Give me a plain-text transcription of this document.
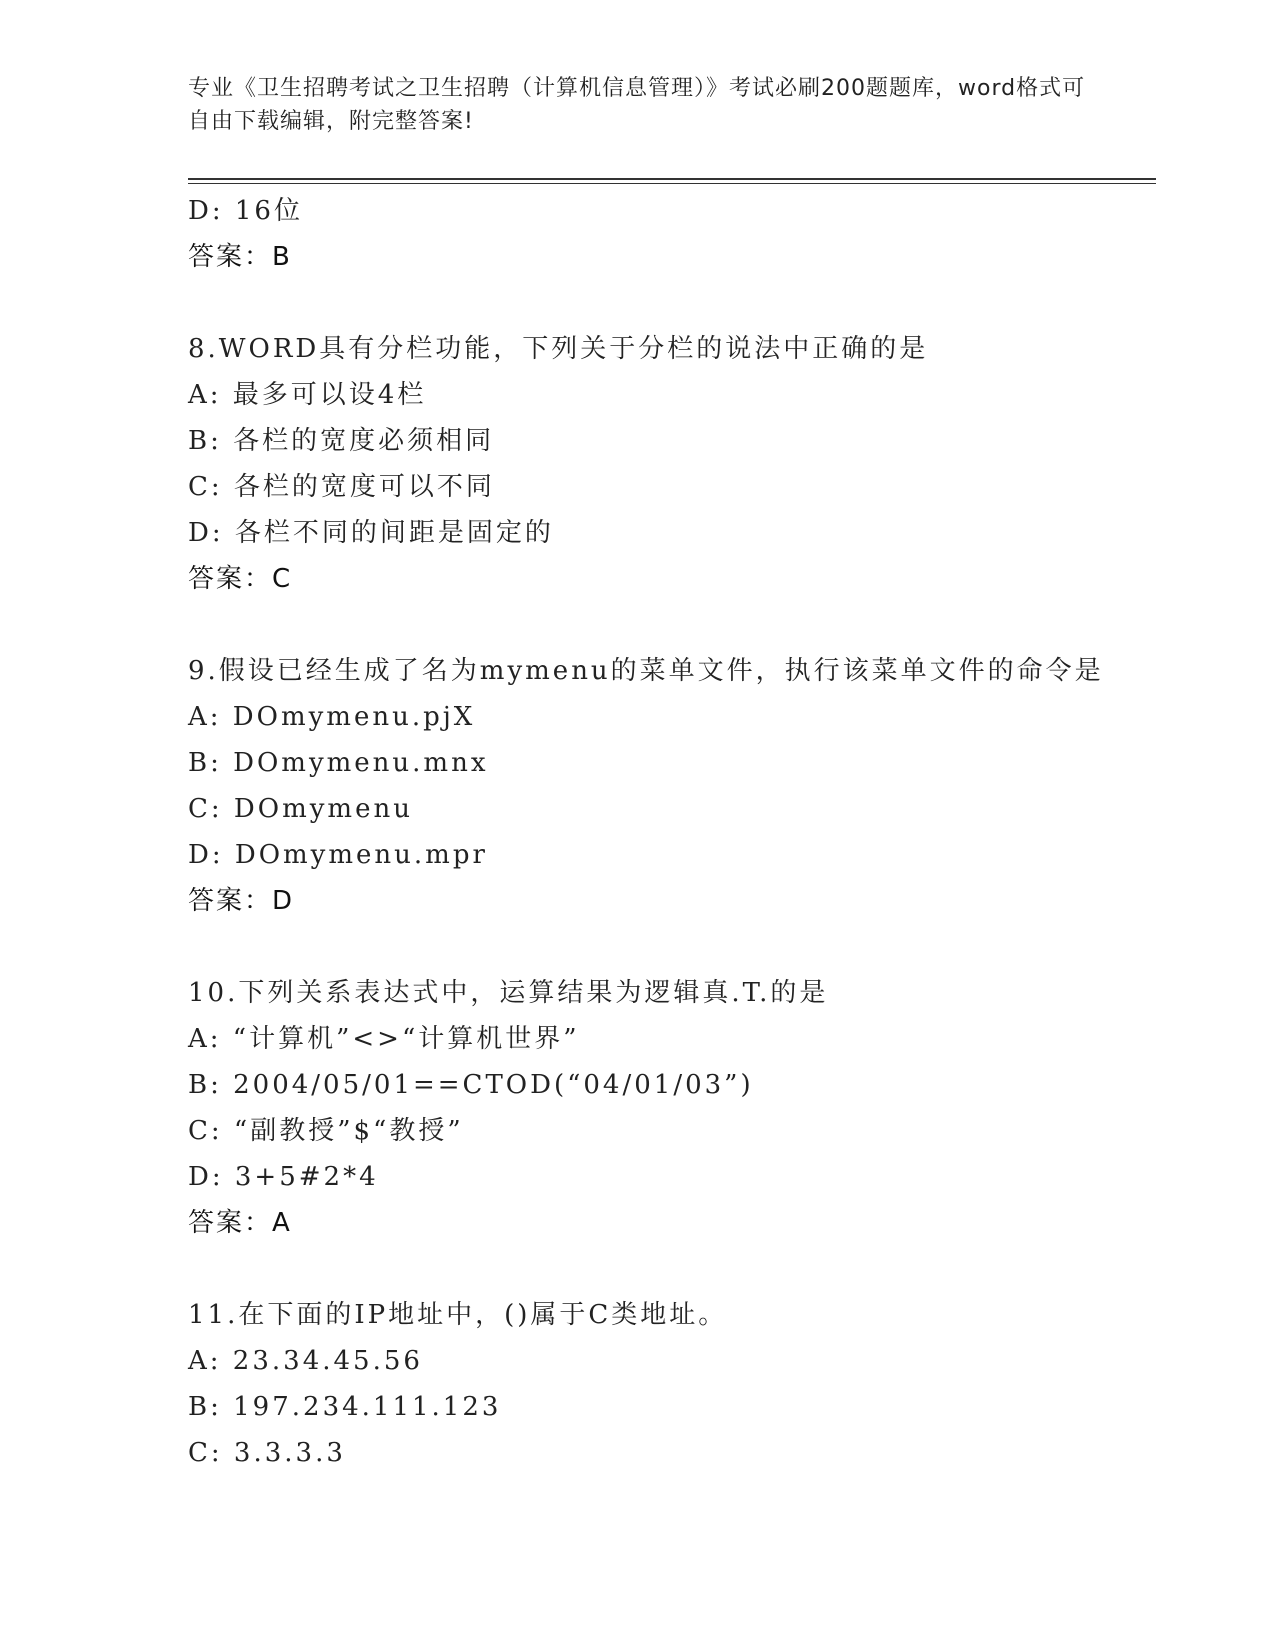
专业《卫生招聘考试之卫生招聘（计算机信息管理）》考试必刷200题题库，word格式可自由下载编辑，附完整答案!
D: 16位
答案：B
8.WORD具有分栏功能，下列关于分栏的说法中正确的是
A: 最多可以设4栏
B: 各栏的宽度必须相同
C: 各栏的宽度可以不同
D: 各栏不同的间距是固定的
答案：C
9.假设已经生成了名为mymenu的菜单文件，执行该菜单文件的命令是
A: DOmymenu.pjX
B: DOmymenu.mnx
C: DOmymenu
D: DOmymenu.mpr
答案：D
10.下列关系表达式中，运算结果为逻辑真.T.的是
A: “计算机”<>“计算机世界”
B: 2004/05/01==CTOD(“04/01/03”)
C: “副教授”$“教授”
D: 3+5#2*4
答案：A
11.在下面的IP地址中，()属于C类地址。
A: 23.34.45.56
B: 197.234.111.123
C: 3.3.3.3
